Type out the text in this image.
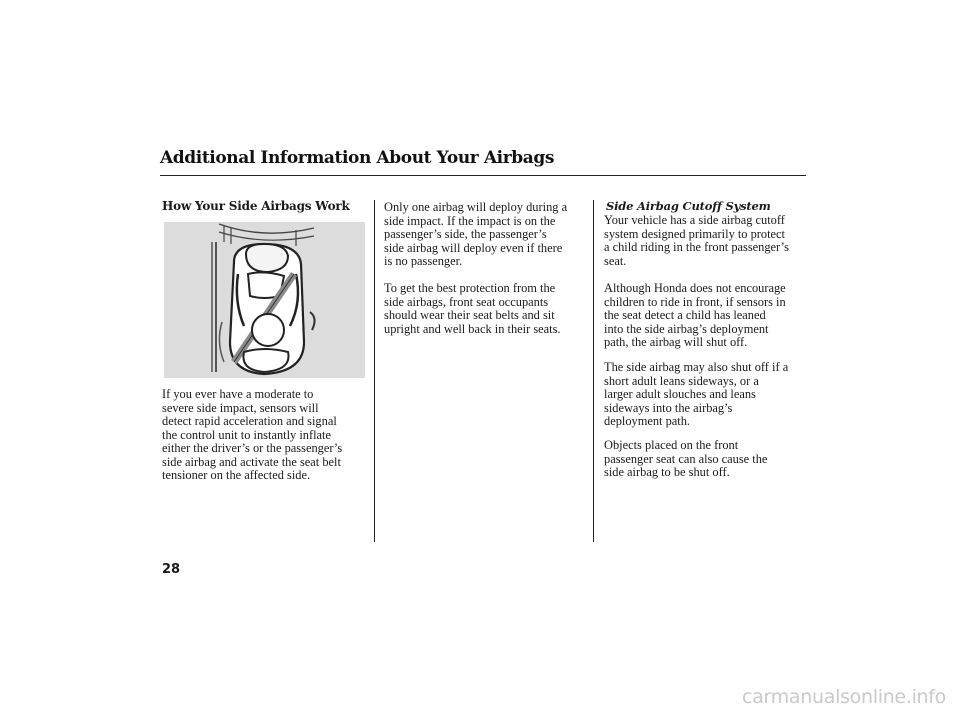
Additional Information About Your Airbags
How Your Side Airbags Work
If you ever have a moderate to
severe side impact, sensors will
detect rapid acceleration and signal
the control unit to instantly inflate
either the driver’s or the passenger’s
side airbag and activate the seat belt
tensioner on the affected side.
Only one airbag will deploy during a
side impact. If the impact is on the
passenger’s side, the passenger’s
side airbag will deploy even if there
is no passenger.
To get the best protection from the
side airbags, front seat occupants
should wear their seat belts and sit
upright and well back in their seats.
Side Airbag Cutoff System
Your vehicle has a side airbag cutoff
system designed primarily to protect
a child riding in the front passenger’s
seat.
Although Honda does not encourage
children to ride in front, if sensors in
the seat detect a child has leaned
into the side airbag’s deployment
path, the airbag will shut off.
The side airbag may also shut off if a
short adult leans sideways, or a
larger adult slouches and leans
sideways into the airbag’s
deployment path.
Objects placed on the front
passenger seat can also cause the
side airbag to be shut off.
28
carmanualsonline.info
